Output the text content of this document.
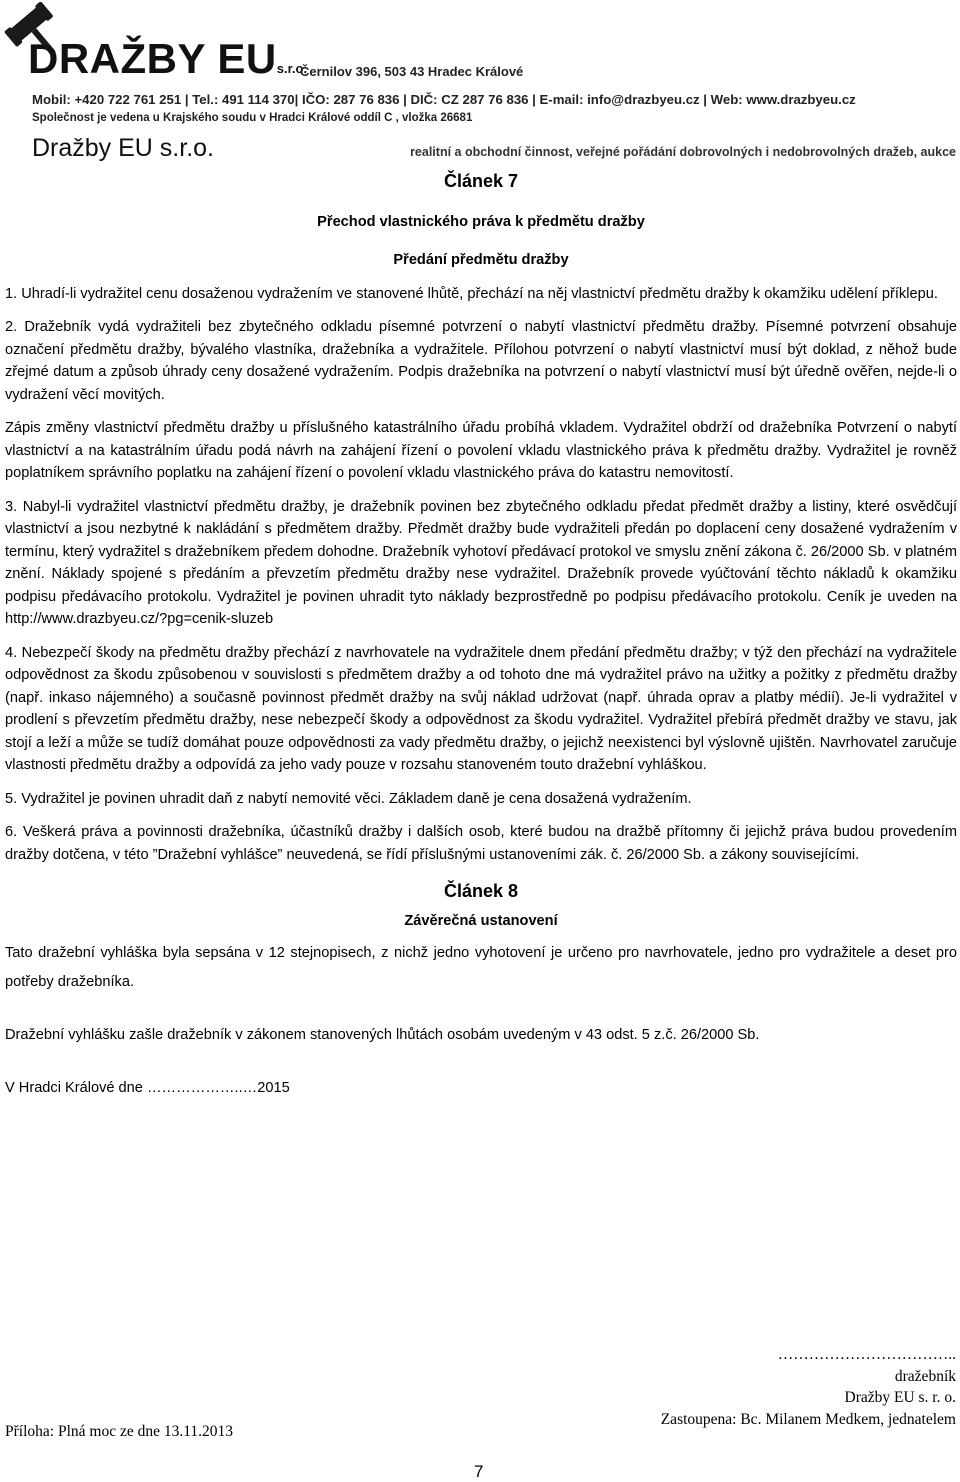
DRAŽBY EUs.r.o.
Černilov 396, 503 43 Hradec Králové
Mobil: +420 722 761 251 | Tel.: 491 114 370| IČO: 287 76 836 | DIČ: CZ 287 76 836 | E-mail: info@drazbyeu.cz | Web: www.drazbyeu.cz
Společnost je vedena u Krajského soudu v Hradci Králové oddíl C , vložka 26681
Dražby EU s.r.o.	realitní a obchodní činnost, veřejné pořádání dobrovolných i nedobrovolných dražeb, aukce

Článek 7

Přechod vlastnického práva k předmětu dražby

Předání předmětu dražby

1. Uhradí-li vydražitel cenu dosaženou vydražením ve stanovené lhůtě, přechází na něj vlastnictví předmětu dražby k okamžiku udělení příklepu.

2. Dražebník vydá vydražiteli bez zbytečného odkladu písemné potvrzení o nabytí vlastnictví předmětu dražby. Písemné potvrzení obsahuje označení předmětu dražby, bývalého vlastníka, dražebníka a vydražitele. Přílohou potvrzení o nabytí vlastnictví musí být doklad, z něhož bude zřejmé datum a způsob úhrady ceny dosažené vydražením. Podpis dražebníka na potvrzení o nabytí vlastnictví musí být úředně ověřen, nejde-li o vydražení věcí movitých.

Zápis změny vlastnictví předmětu dražby u příslušného katastrálního úřadu probíhá vkladem. Vydražitel obdrží od dražebníka Potvrzení o nabytí vlastnictví a na katastrálním úřadu podá návrh na zahájení řízení o povolení vkladu vlastnického práva k předmětu dražby. Vydražitel je rovněž poplatníkem správního poplatku na zahájení řízení o povolení vkladu vlastnického práva do katastru nemovitostí.

3. Nabyl-li vydražitel vlastnictví předmětu dražby, je dražebník povinen bez zbytečného odkladu předat předmět dražby a listiny, které osvědčují vlastnictví a jsou nezbytné k nakládání s předmětem dražby. Předmět dražby bude vydražiteli předán po doplacení ceny dosažené vydražením v termínu, který vydražitel s dražebníkem předem dohodne. Dražebník vyhotoví předávací protokol ve smyslu znění zákona č. 26/2000 Sb. v platném znění. Náklady spojené s předáním a převzetím předmětu dražby nese vydražitel. Dražebník provede vyúčtování těchto nákladů k okamžiku podpisu předávacího protokolu. Vydražitel je povinen uhradit tyto náklady bezprostředně po podpisu předávacího protokolu. Ceník je uveden na http://www.drazbyeu.cz/?pg=cenik-sluzeb

4. Nebezpečí škody na předmětu dražby přechází z navrhovatele na vydražitele dnem předání předmětu dražby; v týž den přechází na vydražitele odpovědnost za škodu způsobenou v souvislosti s předmětem dražby a od tohoto dne má vydražitel právo na užitky a požitky z předmětu dražby (např. inkaso nájemného) a současně povinnost předmět dražby na svůj náklad udržovat (např. úhrada oprav a platby médií). Je-li vydražitel v prodlení s převzetím předmětu dražby, nese nebezpečí škody a odpovědnost za škodu vydražitel. Vydražitel přebírá předmět dražby ve stavu, jak stojí a leží a může se tudíž domáhat pouze odpovědnosti za vady předmětu dražby, o jejichž neexistenci byl výslovně ujištěn. Navrhovatel zaručuje vlastnosti předmětu dražby a odpovídá za jeho vady pouze v rozsahu stanoveném touto dražební vyhláškou.

5. Vydražitel je povinen uhradit daň z nabytí nemovité věci. Základem daně je cena dosažená vydražením.

6. Veškerá práva a povinnosti dražebníka, účastníků dražby i dalších osob, které budou na dražbě přítomny či jejichž práva budou provedením dražby dotčena, v této ”Dražební vyhlášce” neuvedená, se řídí příslušnými ustanoveními zák. č. 26/2000 Sb. a zákony souvisejícími.

Článek 8

Závěrečná ustanovení

Tato dražební vyhláška byla sepsána v 12 stejnopisech, z nichž jedno vyhotovení je určeno pro navrhovatele, jedno pro vydražitele a deset pro potřeby dražebníka.

Dražební vyhlášku zašle dražebník v zákonem stanovených lhůtách osobám uvedeným v 43 odst. 5 z.č. 26/2000 Sb.

V Hradci Králové dne ………………..…2015

……………………………..
dražebník
Dražby EU s. r. o.
Zastoupena: Bc. Milanem Medkem, jednatelem
Příloha: Plná moc ze dne 13.11.2013
7
